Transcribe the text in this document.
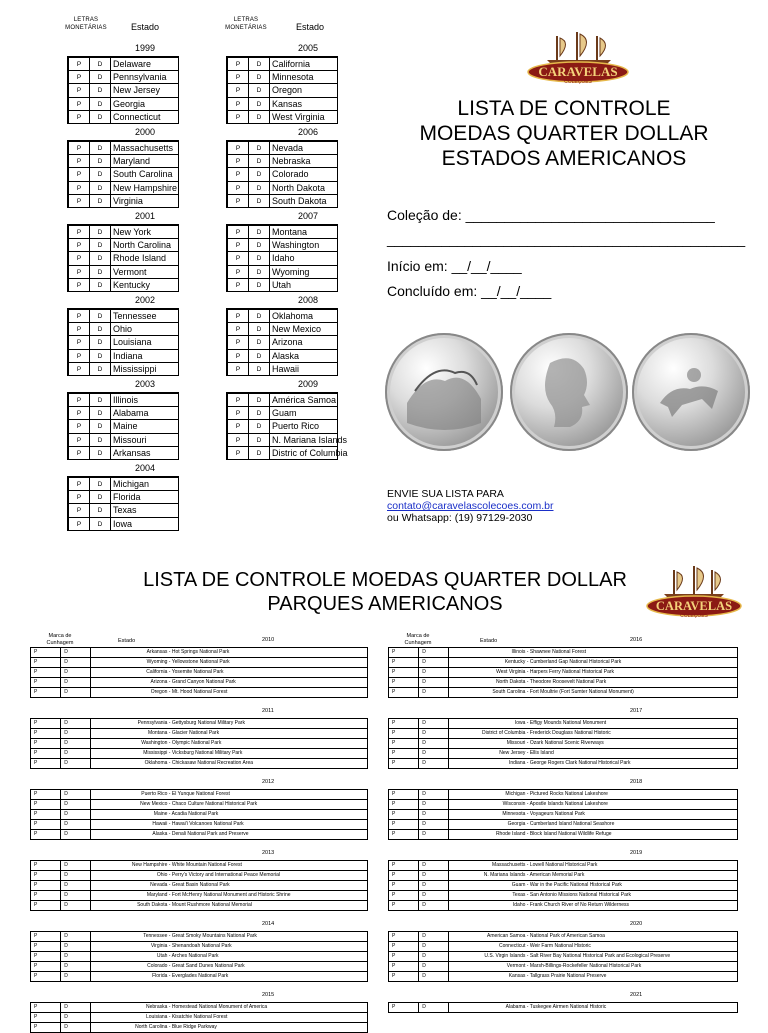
LETRAS MONETÁRIAS	Estado
LETRAS MONETÁRIAS	Estado
1999
P	D	Delaware
P	D	Pennsylvania
P	D	New Jersey
P	D	Georgia
P	D	Connecticut
2000
P	D	Massachusetts
P	D	Maryland
P	D	South Carolina
P	D	New Hampshire
P	D	Virginia
2001
P	D	New York
P	D	North Carolina
P	D	Rhode Island
P	D	Vermont
P	D	Kentucky
2002
P	D	Tennessee
P	D	Ohio
P	D	Louisiana
P	D	Indiana
P	D	Mississippi
2003
P	D	Illinois
P	D	Alabama
P	D	Maine
P	D	Missouri
P	D	Arkansas
2004
P	D	Michigan
P	D	Florida
P	D	Texas
P	D	Iowa
2005
P	D	California
P	D	Minnesota
P	D	Oregon
P	D	Kansas
P	D	West Virginia
2006
P	D	Nevada
P	D	Nebraska
P	D	Colorado
P	D	North Dakota
P	D	South Dakota
2007
P	D	Montana
P	D	Washington
P	D	Idaho
P	D	Wyoming
P	D	Utah
2008
P	D	Oklahoma
P	D	New Mexico
P	D	Arizona
P	D	Alaska
P	D	Hawaii
2009
P	D	América Samoa
P	D	Guam
P	D	Puerto Rico
P	D	N. Mariana Islands
P	D	Distric of Columbia
CARAVELAS
COLEÇÕES
LISTA DE CONTROLE
MOEDAS QUARTER DOLLAR
ESTADOS AMERICANOS
Coleção de: ________________________________
______________________________________________
Início em: __/__/____
Concluído em: __/__/____
ENVIE SUA LISTA PARA
contato@caravelascolecoes.com.br
ou Whatsapp: (19) 97129-2030
LISTA DE CONTROLE MOEDAS QUARTER DOLLAR
PARQUES AMERICANOS	CARAVELAS
COLEÇÕES
Marca de Cunhagem	Estado
Marca de Cunhagem	Estado
2010
P	D	Arkansas - Hot Springs National Park
P	D	Wyoming - Yellowstone National Park
P	D	California - Yosemite National Park
P	D	Arizona - Grand Canyon National Park
P	D	Oregon - Mt. Hood National Forest
2011
P	D	Pennsylvania - Gettysburg National Military Park
P	D	Montana - Glacier National Park
P	D	Washington - Olympic National Park
P	D	Mississippi - Vicksburg National Military Park
P	D	Oklahoma - Chickasaw National Recreation Area
2012
P	D	Puerto Rico - El Yunque National Forest
P	D	New Mexico - Chaco Culture National Historical Park
P	D	Maine - Acadia National Park
P	D	Hawaii - Hawai'i Volcanoes National Park
P	D	Alaska - Denali National Park and Preserve
2013
P	D	New Hampshire - White Mountain National Forest
P	D	Ohio - Perry's Victory and International Peace Memorial
P	D	Nevada - Great Basin National Park
P	D	Maryland - Fort McHenry National Monument and Historic Shrine
P	D	South Dakota - Mount Rushmore National Memorial
2014
P	D	Tennessee - Great Smoky Mountains National Park
P	D	Virginia - Shenandoah National Park
P	D	Utah - Arches National Park
P	D	Colorado - Great Sand Dunes National Park
P	D	Florida - Everglades National Park
2015
P	D	Nebraska - Homestead National Monument of America
P	D	Louisiana - Kisatchie National Forest
P	D	North Carolina - Blue Ridge Parkway
2016
P	D	Illinois - Shawnee National Forest
P	D	Kentucky - Cumberland Gap National Historical Park
P	D	West Virginia - Harpers Ferry National Historical Park
P	D	North Dakota - Theodore Roosevelt National Park
P	D	South Carolina - Fort Moultrie (Fort Sumter National Monument)
2017
P	D	Iowa - Effigy Mounds National Monument
P	D	District of Columbia - Frederick Douglass National Historic
P	D	Missouri - Ozark National Scenic Riverways
P	D	New Jersey - Ellis Island
P	D	Indiana - George Rogers Clark National Historical Park
2018
P	D	Michigan - Pictured Rocks National Lakeshore
P	D	Wisconsin - Apostle Islands National Lakeshore
P	D	Minnesota - Voyageurs National Park
P	D	Georgia - Cumberland Island National Seashore
P	D	Rhode Island - Block Island National Wildlife Refuge
2019
P	D	Massachusetts - Lowell National Historical Park
P	D	N. Mariana Islands - American Memorial Park
P	D	Guam - War in the Pacific National Historical Park
P	D	Texas - San Antonio Missions National Historical Park
P	D	Idaho - Frank Church River of No Return Wilderness
2020
P	D	American Samoa - National Park of American Samoa
P	D	Connecticut - Weir Farm National Historic
P	D	U.S. Virgin Islands - Salt River Bay National Historical Park and Ecological Preserve
P	D	Vermont - Marsh-Billings-Rockefeller National Historical Park
P	D	Kansas - Tallgrass Prairie National Preserve
2021
P	D	Alabama - Tuskegee Airmen National Historic
